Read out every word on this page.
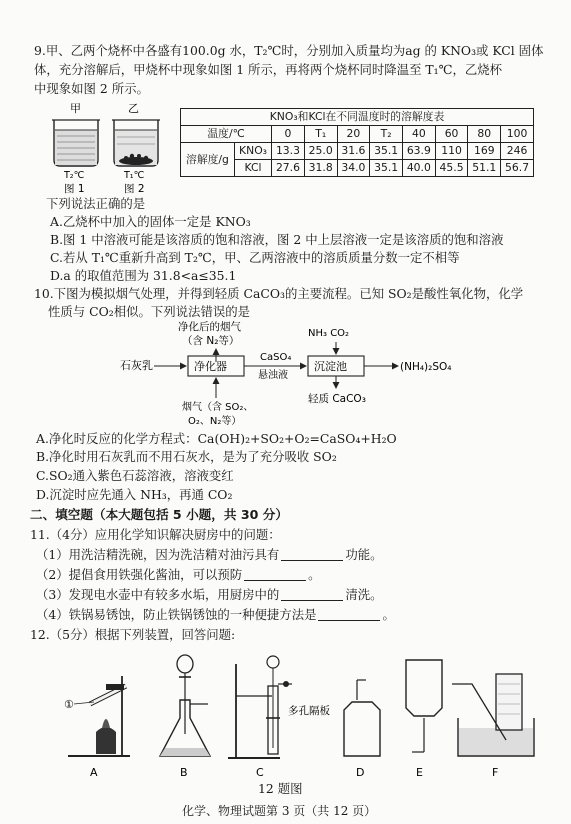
9.甲、乙两个烧杯中各盛有100.0g 水，T₂℃时，分别加入质量均为ag 的 KNO₃或 KCl 固体
体，充分溶解后，甲烧杯中现象如图 1 所示，再将两个烧杯同时降温至 T₁℃，乙烧杯
中现象如图 2 所示。
甲	乙
T₂℃	T₁℃
图 1	图 2
KNO₃和KCl在不同温度时的溶解度表									
温度/℃		0	T₁	20	T₂	40	60	80	100
溶解度/g	KNO₃	13.3	25.0	31.6	35.1	63.9	110	169	246
	KCl	27.6	31.8	34.0	35.1	40.0	45.5	51.1	56.7
下列说法正确的是
A.乙烧杯中加入的固体一定是 KNO₃
B.图 1 中溶液可能是该溶质的饱和溶液，图 2 中上层溶液一定是该溶质的饱和溶液
C.若从 T₁℃重新升高到 T₂℃，甲、乙两溶液中的溶质质量分数一定不相等
D.a 的取值范围为 31.8<a≤35.1
10.下图为模拟烟气处理，并得到轻质 CaCO₃的主要流程。已知 SO₂是酸性氧化物，化学
性质与 CO₂相似。下列说法错误的是
净化后的烟气
（含 N₂等）
石灰乳	净化器
CaSO₄
悬浊液
NH₃ CO₂
沉淀池	(NH₄)₂SO₄
烟气（含 SO₂、
O₂、N₂等）
轻质 CaCO₃
A.净化时反应的化学方程式：Ca(OH)₂+SO₂+O₂=CaSO₄+H₂O
B.净化时用石灰乳而不用石灰水，是为了充分吸收 SO₂
C.SO₂通入紫色石蕊溶液，溶液变红
D.沉淀时应先通入 NH₃，再通 CO₂
二、填空题（本大题包括 5 小题，共 30 分）
11.（4分）应用化学知识解决厨房中的问题：
（1）用洗洁精洗碗，因为洗洁精对油污具有	功能。
（2）提倡食用铁强化酱油，可以预防	。
（3）发现电水壶中有较多水垢，用厨房中的	清洗。
（4）铁锅易锈蚀，防止铁锅锈蚀的一种便捷方法是	。
12.（5分）根据下列装置，回答问题:
①	多孔隔板
A	B	C	D	E	F
12 题图
化学、物理试题第 3 页（共 12 页）
